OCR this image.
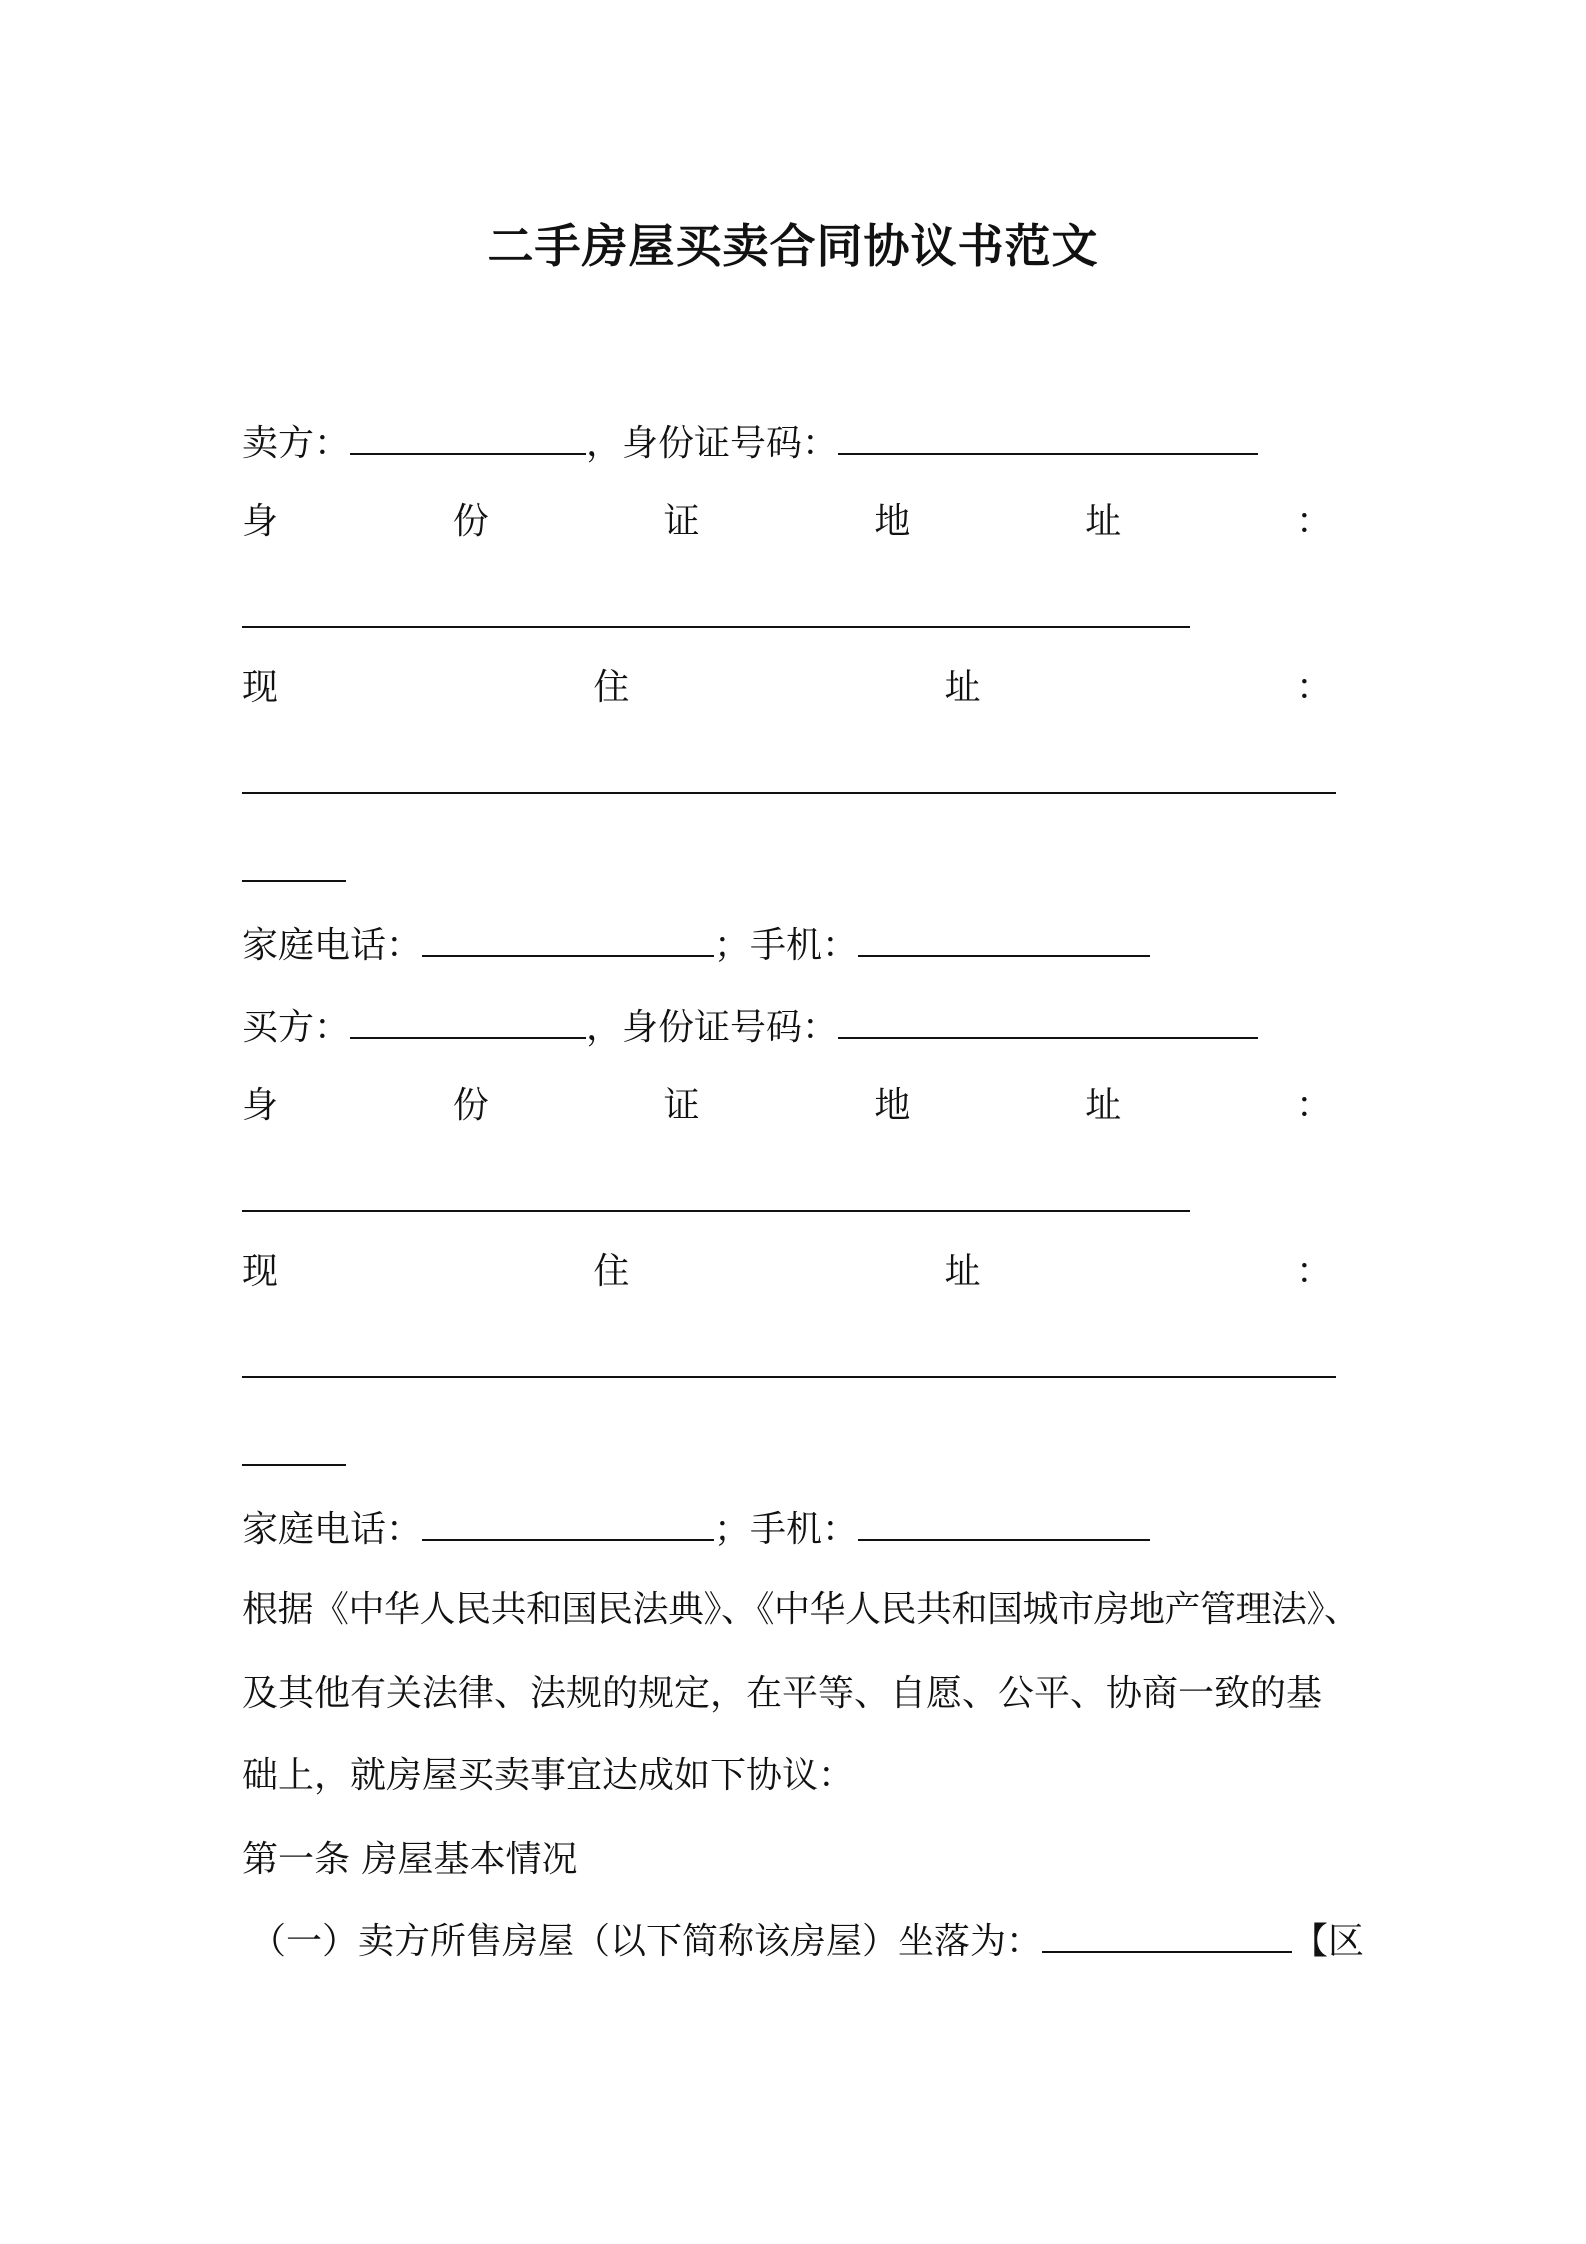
二手房屋买卖合同协议书范文
卖方：	，身份证号码：
身	份	证	地	址	：
现	住	址	：
家庭电话：	；手机：
买方：	，身份证号码：
身	份	证	地	址	：
现	住	址	：
家庭电话：	；手机：
根据《中华人民共和国民法典》、《中华人民共和国城市房地产管理法》、
及其他有关法律、法规的规定，在平等、自愿、公平、协商一致的基
础上，就房屋买卖事宜达成如下协议：
第一条 房屋基本情况
（一）卖方所售房屋（以下简称该房屋）坐落为：	【区
